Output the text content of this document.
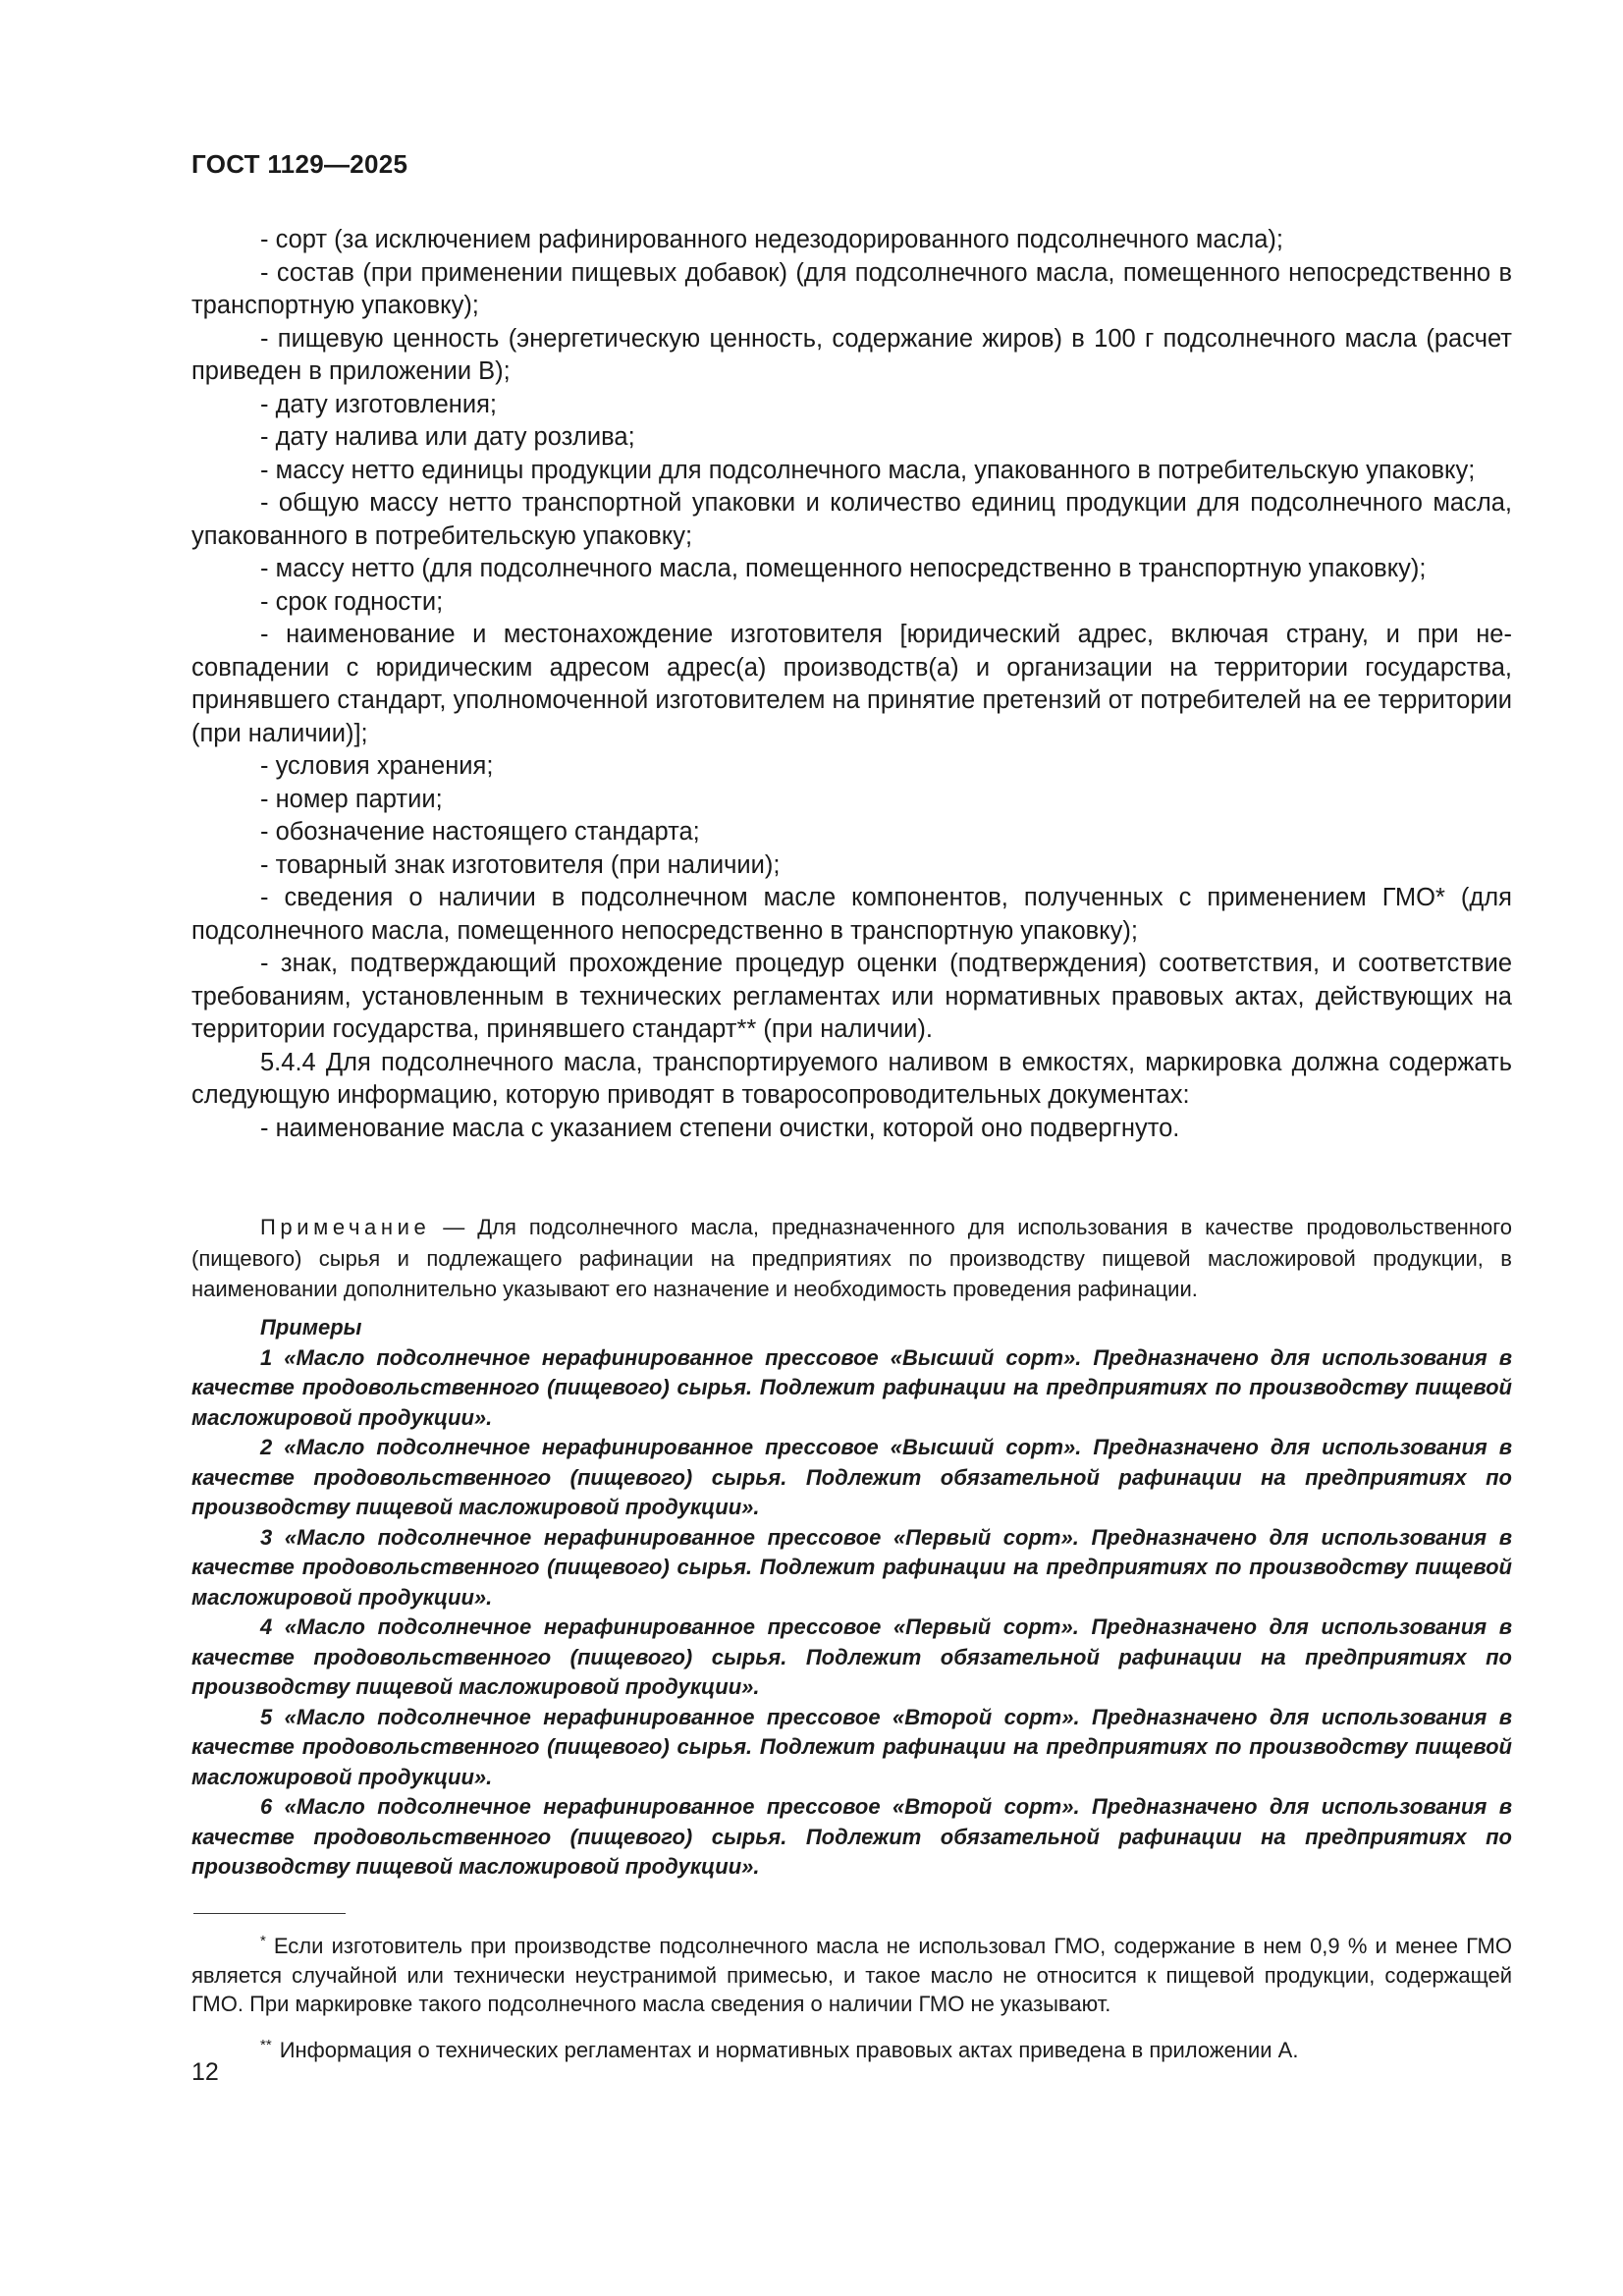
ГОСТ 1129—2025

- сорт (за исключением рафинированного недезодорированного подсолнечного масла);

- состав (при применении пищевых добавок) (для подсолнечного масла, помещенного непосредственно в транспортную упаковку);

- пищевую ценность (энергетическую ценность, содержание жиров) в 100 г подсолнечного масла (расчет приведен в приложении В);

- дату изготовления;

- дату налива или дату розлива;

- массу нетто единицы продукции для подсолнечного масла, упакованного в потребительскую упаковку;

- общую массу нетто транспортной упаковки и количество единиц продукции для подсолнечного масла, упакованного в потребительскую упаковку;

- массу нетто (для подсолнечного масла, помещенного непосредственно в транспортную упаковку);

- срок годности;

- наименование и местонахождение изготовителя [юридический адрес, включая страну, и при несовпадении с юридическим адресом адрес(а) производств(а) и организации на территории государства, принявшего стандарт, уполномоченной изготовителем на принятие претензий от потребителей на ее территории (при наличии)];

- условия хранения;

- номер партии;

- обозначение настоящего стандарта;

- товарный знак изготовителя (при наличии);

- сведения о наличии в подсолнечном масле компонентов, полученных с применением ГМО* (для подсолнечного масла, помещенного непосредственно в транспортную упаковку);

- знак, подтверждающий прохождение процедур оценки (подтверждения) соответствия, и соответствие требованиям, установленным в технических регламентах или нормативных правовых актах, действующих на территории государства, принявшего стандарт** (при наличии).

5.4.4 Для подсолнечного масла, транспортируемого наливом в емкостях, маркировка должна содержать следующую информацию, которую приводят в товаросопроводительных документах:

- наименование масла с указанием степени очистки, которой оно подвергнуто.

Примечание — Для подсолнечного масла, предназначенного для использования в качестве продовольственного (пищевого) сырья и подлежащего рафинации на предприятиях по производству пищевой масложировой продукции, в наименовании дополнительно указывают его назначение и необходимость проведения рафинации.

Примеры

1 «Масло подсолнечное нерафинированное прессовое «Высший сорт». Предназначено для использования в качестве продовольственного (пищевого) сырья. Подлежит рафинации на предприятиях по производству пищевой масложировой продукции».

2 «Масло подсолнечное нерафинированное прессовое «Высший сорт». Предназначено для использования в качестве продовольственного (пищевого) сырья. Подлежит обязательной рафинации на предприятиях по производству пищевой масложировой продукции».

3 «Масло подсолнечное нерафинированное прессовое «Первый сорт». Предназначено для использования в качестве продовольственного (пищевого) сырья. Подлежит рафинации на предприятиях по производству пищевой масложировой продукции».

4 «Масло подсолнечное нерафинированное прессовое «Первый сорт». Предназначено для использования в качестве продовольственного (пищевого) сырья. Подлежит обязательной рафинации на предприятиях по производству пищевой масложировой продукции».

5 «Масло подсолнечное нерафинированное прессовое «Второй сорт». Предназначено для использования в качестве продовольственного (пищевого) сырья. Подлежит рафинации на предприятиях по производству пищевой масложировой продукции».

6 «Масло подсолнечное нерафинированное прессовое «Второй сорт». Предназначено для использования в качестве продовольственного (пищевого) сырья. Подлежит обязательной рафинации на предприятиях по производству пищевой масложировой продукции».

* Если изготовитель при производстве подсолнечного масла не использовал ГМО, содержание в нем 0,9 % и менее ГМО является случайной или технически неустранимой примесью, и такое масло не относится к пищевой продукции, содержащей ГМО. При маркировке такого подсолнечного масла сведения о наличии ГМО не указывают.

** Информация о технических регламентах и нормативных правовых актах приведена в приложении А.

12
